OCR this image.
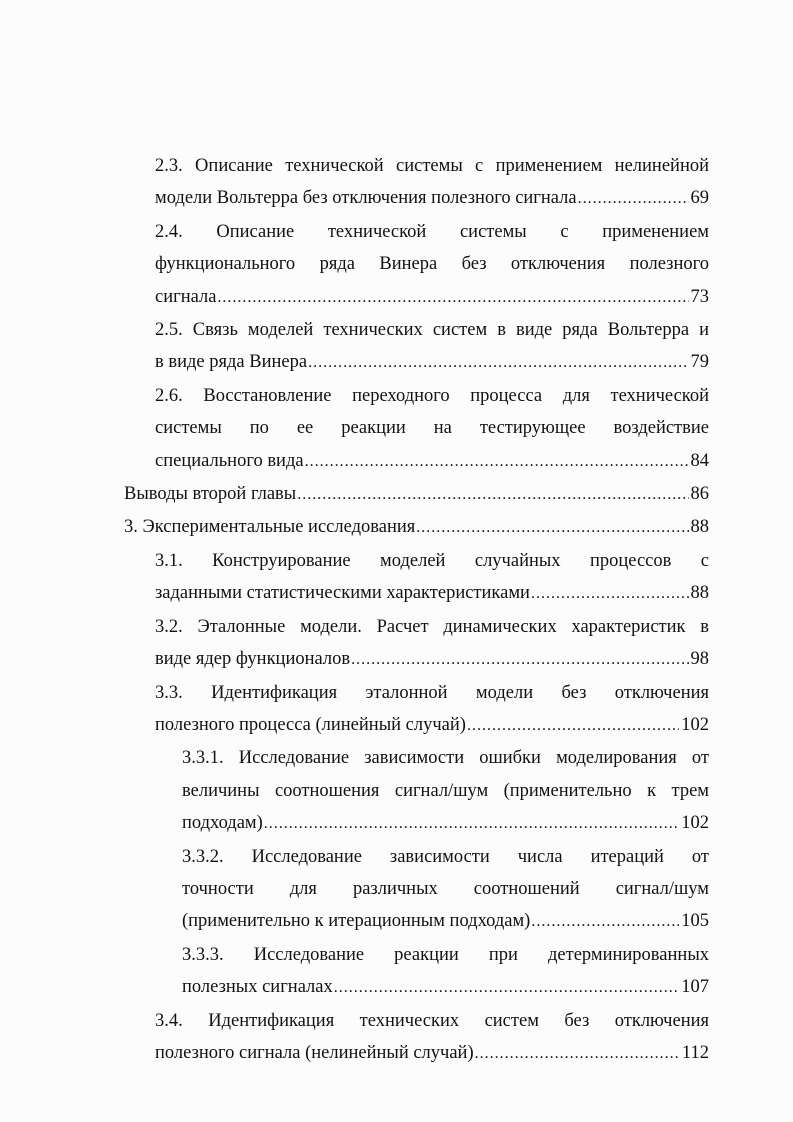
2.3. Описание технической системы с применением нелинейной
модели Вольтерра без отключения полезного сигнала .....	69
2.4. Описание технической системы с применением
функционального ряда Винера без отключения полезного
сигнала .....	73
2.5. Связь моделей технических систем в виде ряда Вольтерра и
в виде ряда Винера .....	79
2.6. Восстановление переходного процесса для технической
системы по ее реакции на тестирующее воздействие
специального вида .....	84
Выводы второй главы .....	86
3. Экспериментальные исследования .....	88
3.1. Конструирование моделей случайных процессов с
заданными статистическими характеристиками .....	88
3.2. Эталонные модели. Расчет динамических характеристик в
виде ядер функционалов .....	98
3.3. Идентификация эталонной модели без отключения
полезного процесса (линейный случай) .....	102
3.3.1. Исследование зависимости ошибки моделирования от
величины соотношения сигнал/шум (применительно к трем
подходам) .....	102
3.3.2. Исследование зависимости числа итераций от
точности для различных соотношений сигнал/шум
(применительно к итерационным подходам) .....	105
3.3.3. Исследование реакции при детерминированных
полезных сигналах .....	107
3.4. Идентификация технических систем без отключения
полезного сигнала (нелинейный случай) .....	112
